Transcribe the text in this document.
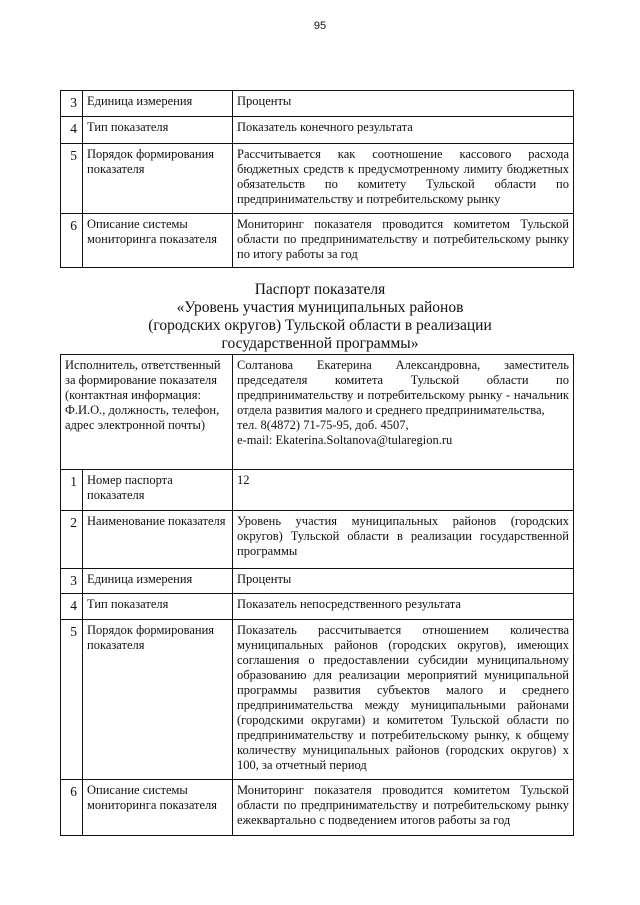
95
3	Единица измерения	Проценты
4	Тип показателя	Показатель конечного результата
5	Порядок формирования показателя	Рассчитывается как соотношение кассового расхода бюджетных средств к предусмотренному лимиту бюджетных обязательств по комитету Тульской области по предпринимательству и потребительскому рынку
6	Описание системы мониторинга показателя	Мониторинг показателя проводится комитетом Тульской области по предпринимательству и потребительскому рынку по итогу работы за год
Паспорт показателя
«Уровень участия муниципальных районов
(городских округов) Тульской области в реализации
государственной программы»
Исполнитель, ответственный за формирование показателя (контактная информация: Ф.И.О., должность, телефон, адрес электронной почты)		Солтанова Екатерина Александровна, заместитель председателя комитета Тульской области по предпринимательству и потребительскому рынку - начальник отдела развития малого и среднего предпринимательства,
тел. 8(4872) 71-75-95, доб. 4507,
e-mail: Ekaterina.Soltanova@tularegion.ru

1	Номер паспорта показателя	12
2	Наименование показателя	Уровень участия муниципальных районов (городских округов) Тульской области в реализации государственной программы
3	Единица измерения	Проценты
4	Тип показателя	Показатель непосредственного результата
5	Порядок формирования показателя	Показатель рассчитывается отношением количества муниципальных районов (городских округов), имеющих соглашения о предоставлении субсидии муниципальному образованию для реализации мероприятий муниципальной программы развития субъектов малого и среднего предпринимательства между муниципальными районами (городскими округами) и комитетом Тульской области по предпринимательству и потребительскому рынку, к общему количеству муниципальных районов (городских округов) х 100, за отчетный период
6	Описание системы мониторинга показателя	Мониторинг показателя проводится комитетом Тульской области по предпринимательству и потребительскому рынку ежеквартально с подведением итогов работы за год
